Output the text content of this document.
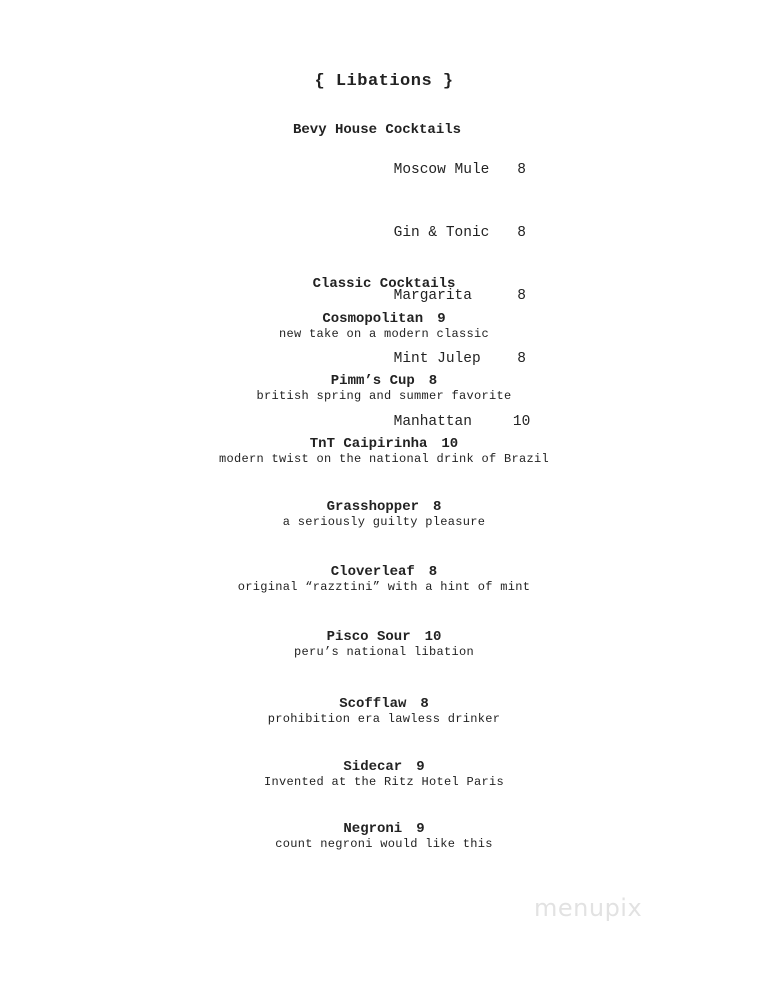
{ Libations }
Bevy House Cocktails

Moscow Mule 8

Gin & Tonic 8

Margarita	8

Mint Julep	8

Manhattan	10

Classic Cocktails
Cosmopolitan 9
new take on a modern classic
Pimm’s Cup 8
british spring and summer favorite
TnT Caipirinha 10
modern twist on the national drink of Brazil
Grasshopper 8
a seriously guilty pleasure
Cloverleaf 8
original “razztini” with a hint of mint
Pisco Sour 10
peru’s national libation
Scofflaw 8
prohibition era lawless drinker
Sidecar 9
Invented at the Ritz Hotel Paris
Negroni 9
count negroni would like this
menupix
